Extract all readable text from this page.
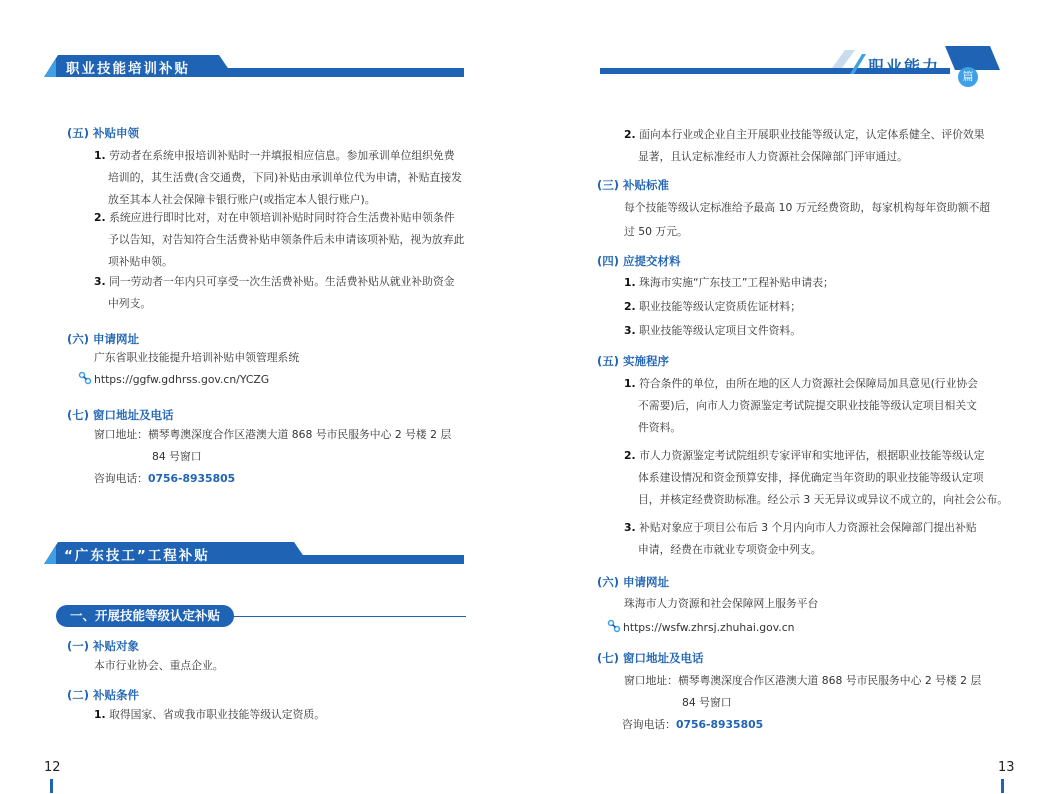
职业技能培训补贴	职业能力
篇
(五) 补贴申领
1. 劳动者在系统申报培训补贴时一并填报相应信息。参加承训单位组织免费
培训的，其生活费(含交通费，下同)补贴由承训单位代为申请，补贴直接发
放至其本人社会保障卡银行账户(或指定本人银行账户)。
2. 系统应进行即时比对，对在申领培训补贴时同时符合生活费补贴申领条件
予以告知，对告知符合生活费补贴申领条件后未申请该项补贴，视为放弃此
项补贴申领。
3. 同一劳动者一年内只可享受一次生活费补贴。生活费补贴从就业补助资金
中列支。
(六) 申请网址
广东省职业技能提升培训补贴申领管理系统
https://ggfw.gdhrss.gov.cn/YCZG
(七) 窗口地址及电话
窗口地址：横琴粤澳深度合作区港澳大道 868 号市民服务中心 2 号楼 2 层
84 号窗口
咨询电话：0756-8935805
“广东技工”工程补贴
一、开展技能等级认定补贴
(一) 补贴对象
本市行业协会、重点企业。
(二) 补贴条件
1. 取得国家、省或我市职业技能等级认定资质。
12
2. 面向本行业或企业自主开展职业技能等级认定，认定体系健全、评价效果
显著，且认定标准经市人力资源社会保障部门评审通过。
(三) 补贴标准
每个技能等级认定标准给予最高 10 万元经费资助，每家机构每年资助额不超
过 50 万元。
(四) 应提交材料
1. 珠海市实施“广东技工”工程补贴申请表；
2. 职业技能等级认定资质佐证材料；
3. 职业技能等级认定项目文件资料。
(五) 实施程序
1. 符合条件的单位，由所在地的区人力资源社会保障局加具意见(行业协会
不需要)后，向市人力资源鉴定考试院提交职业技能等级认定项目相关文
件资料。
2. 市人力资源鉴定考试院组织专家评审和实地评估，根据职业技能等级认定
体系建设情况和资金预算安排，择优确定当年资助的职业技能等级认定项
目，并核定经费资助标准。经公示 3 天无异议或异议不成立的，向社会公布。
3. 补贴对象应于项目公布后 3 个月内向市人力资源社会保障部门提出补贴
申请，经费在市就业专项资金中列支。
(六) 申请网址
珠海市人力资源和社会保障网上服务平台
https://wsfw.zhrsj.zhuhai.gov.cn
(七) 窗口地址及电话
窗口地址：横琴粤澳深度合作区港澳大道 868 号市民服务中心 2 号楼 2 层
84 号窗口
咨询电话：0756-8935805
13
